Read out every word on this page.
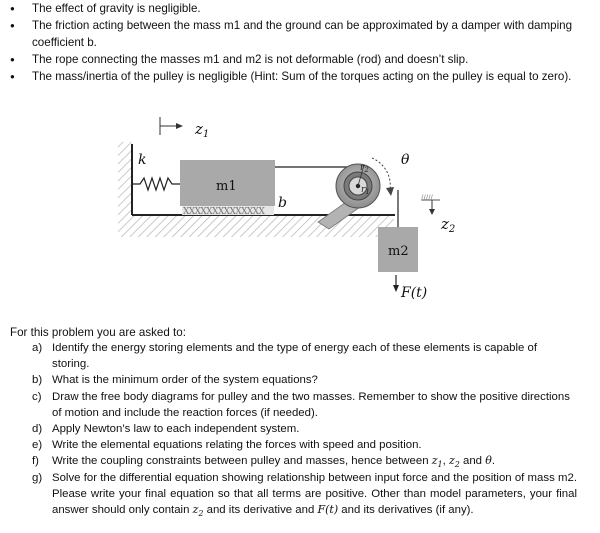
● The effect of gravity is negligible.
● The friction acting between the mass m1 and the ground can be approximated by a damper with damping coefficient b.
● The rope connecting the masses m1 and m2 is not deformable (rod) and doesn’t slip.
● The mass/inertia of the pulley is negligible (Hint: Sum of the torques acting on the pulley is equal to zero).
$z_1$
k
m1
XXXXXXXXXXXXXX
b
$r_2$
$r_1$
θ
m2
/////
$z_2$
F(t)

For this problem you are asked to:

a) Identify the energy storing elements and the type of energy each of these elements is capable of storing.
b) What is the minimum order of the system equations?
c) Draw the free body diagrams for pulley and the two masses. Remember to show the positive directions of motion and include the reaction forces (if needed).
d) Apply Newton’s law to each independent system.
e) Write the elemental equations relating the forces with speed and position.
f) Write the coupling constraints between pulley and masses, hence between $z_1$, $z_2$ and θ.
g) Solve for the differential equation showing relationship between input force and the position of mass m2. Please write your final equation so that all terms are positive. Other than model parameters, your final answer should only contain $z_2$ and its derivative and F(t) and its derivatives (if any).
